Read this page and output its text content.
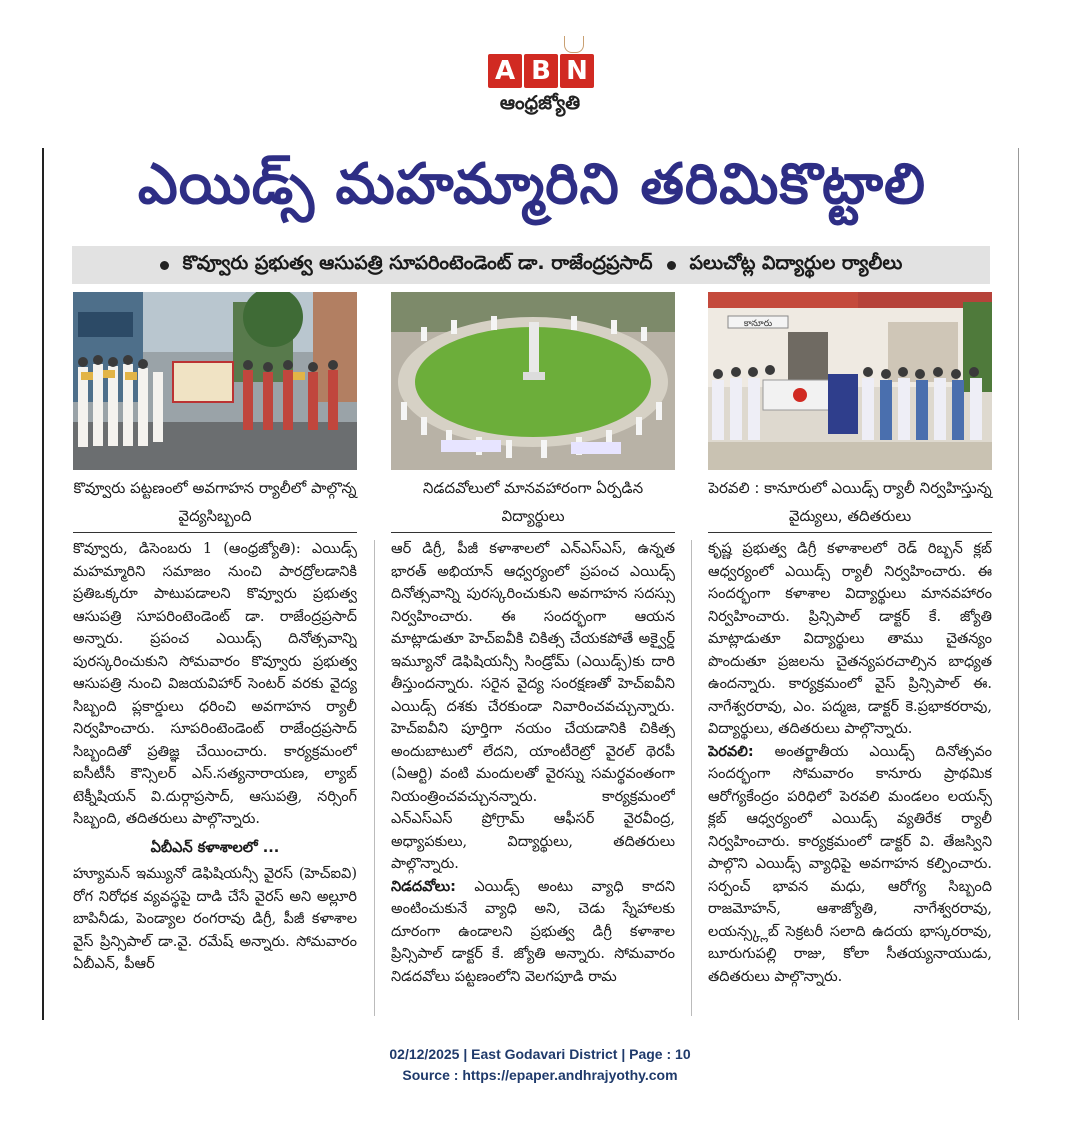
A B N
ఆంధ్రజ్యోతి
ఎయిడ్స్ మహమ్మారిని తరిమికొట్టాలి
కొవ్వూరు ప్రభుత్వ ఆసుపత్రి సూపరింటెండెంట్ డా. రాజేంద్రప్రసాద్ పలుచోట్ల విద్యార్థుల ర్యాలీలు
కానూరు
కొవ్వూరు పట్టణంలో అవగాహన ర్యాలీలో పాల్గొన్న వైద్యసిబ్బంది
నిడదవోలులో మానవహారంగా ఏర్పడిన విద్యార్థులు
పెరవలి : కానూరులో ఎయిడ్స్ ర్యాలీ నిర్వహిస్తున్న వైద్యులు, తదితరులు

కొవ్వూరు, డిసెంబరు 1 (ఆంధ్రజ్యోతి): ఎయిడ్స్ మహమ్మారిని సమాజం నుంచి పారద్రోలడానికి ప్రతిఒక్కరూ పాటుపడాలని కొవ్వూరు ప్రభుత్వ ఆసుపత్రి సూపరింటెండెంట్ డా. రాజేంద్రప్రసాద్ అన్నారు. ప్రపంచ ఎయిడ్స్ దినోత్సవాన్ని పురస్కరించుకుని సోమవారం కొవ్వూరు ప్రభుత్వ ఆసుపత్రి నుంచి విజయవిహార్ సెంటర్ వరకు వైద్య సిబ్బంది ప్లకార్డులు ధరించి అవగాహన ర్యాలీ నిర్వహించారు. సూపరింటెండెంట్ రాజేంద్రప్రసాద్ సిబ్బందితో ప్రతిజ్ఞ చేయించారు. కార్యక్రమంలో ఐసీటీసీ కౌన్సిలర్ ఎస్.సత్యనారాయణ, ల్యాబ్ టెక్నీషియన్ వి.దుర్గాప్రసాద్, ఆసుపత్రి, నర్సింగ్ సిబ్బంది, తదితరులు పాల్గొన్నారు.

ఏబీఎన్ కళాశాలలో ...

హ్యూమన్ ఇమ్యునో డెఫిషియన్సీ వైరస్ (హెచ్ఐవి) రోగ నిరోధక వ్యవస్థపై దాడి చేసే వైరస్ అని అల్లూరి బాపినీడు, పెండ్యాల రంగరావు డిగ్రీ, పీజీ కళాశాల వైస్ ప్రిన్సిపాల్ డా.వై. రమేష్ అన్నారు. సోమవారం ఏబీఎన్, పీఆర్

ఆర్ డిగ్రీ, పీజీ కళాశాలలో ఎన్ఎస్ఎస్, ఉన్నత భారత్ అభియాన్ ఆధ్వర్యంలో ప్రపంచ ఎయిడ్స్ దినోత్సవాన్ని పురస్కరించుకుని అవగాహన సదస్సు నిర్వహించారు. ఈ సందర్భంగా ఆయన మాట్లాడుతూ హెచ్ఐవీకి చికిత్స చేయకపోతే అక్వైర్డ్ ఇమ్యూనో డెఫిషియన్సీ సిండ్రోమ్ (ఎయిడ్స్)కు దారి తీస్తుందన్నారు. సరైన వైద్య సంరక్షణతో హెచ్ఐవీని ఎయిడ్స్ దశకు చేరకుండా నివారించవచ్చున్నారు. హెచ్ఐవీని పూర్తిగా నయం చేయడానికి చికిత్స అందుబాటులో లేదని, యాంటీరెట్రో వైరల్ థెరపీ (ఏఆర్టి) వంటి మందులతో వైరస్ను సమర్థవంతంగా నియంత్రించవచ్చునన్నారు. కార్యక్రమంలో ఎన్ఎస్ఎస్ ప్రోగ్రామ్ ఆఫీసర్ వైరవీంద్ర, అధ్యాపకులు, విద్యార్థులు, తదితరులు పాల్గొన్నారు.

నిడదవోలు: ఎయిడ్స్ అంటు వ్యాధి కాదని అంటించుకునే వ్యాధి అని, చెడు స్నేహాలకు దూరంగా ఉండాలని ప్రభుత్వ డిగ్రీ కళాశాల ప్రిన్సిపాల్ డాక్టర్ కే. జ్యోతి అన్నారు. సోమవారం నిడదవోలు పట్టణంలోని వెలగపూడి రామ

కృష్ణ ప్రభుత్వ డిగ్రీ కళాశాలలో రెడ్ రిబ్బన్ క్లబ్ ఆధ్వర్యంలో ఎయిడ్స్ ర్యాలీ నిర్వహించారు. ఈ సందర్భంగా కళాశాల విద్యార్థులు మానవహారం నిర్వహించారు. ప్రిన్సిపాల్ డాక్టర్ కే. జ్యోతి మాట్లాడుతూ విద్యార్థులు తాము చైతన్యం పొందుతూ ప్రజలను చైతన్యపరచాల్సిన బాధ్యత ఉందన్నారు. కార్యక్రమంలో వైస్ ప్రిన్సిపాల్ ఈ. నాగేశ్వరరావు, ఎం. పద్మజ, డాక్టర్ కె.ప్రభాకరరావు, విద్యార్థులు, తదితరులు పాల్గొన్నారు.

పెరవలి: అంతర్జాతీయ ఎయిడ్స్ దినోత్సవం సందర్భంగా సోమవారం కానూరు ప్రాథమిక ఆరోగ్యకేంద్రం పరిధిలో పెరవలి మండలం లయన్స్ క్లబ్ ఆధ్వర్యంలో ఎయిడ్స్ వ్యతిరేక ర్యాలీ నిర్వహించారు. కార్యక్రమంలో డాక్టర్ వి. తేజస్విని పాల్గొని ఎయిడ్స్ వ్యాధిపై అవగాహన కల్పించారు. సర్పంచ్ భావన మధు, ఆరోగ్య సిబ్బంది రాజమోహన్, ఆశాజ్యోతి, నాగేశ్వరరావు, లయన్స్క్లబ్ సెక్రటరీ సలాది ఉదయ భాస్కరరావు, బూరుగుపల్లి రాజు, కోలా సీతయ్యనాయుడు, తదితరులు పాల్గొన్నారు.

02/12/2025 | East Godavari District | Page : 10
Source : https://epaper.andhrajyothy.com
